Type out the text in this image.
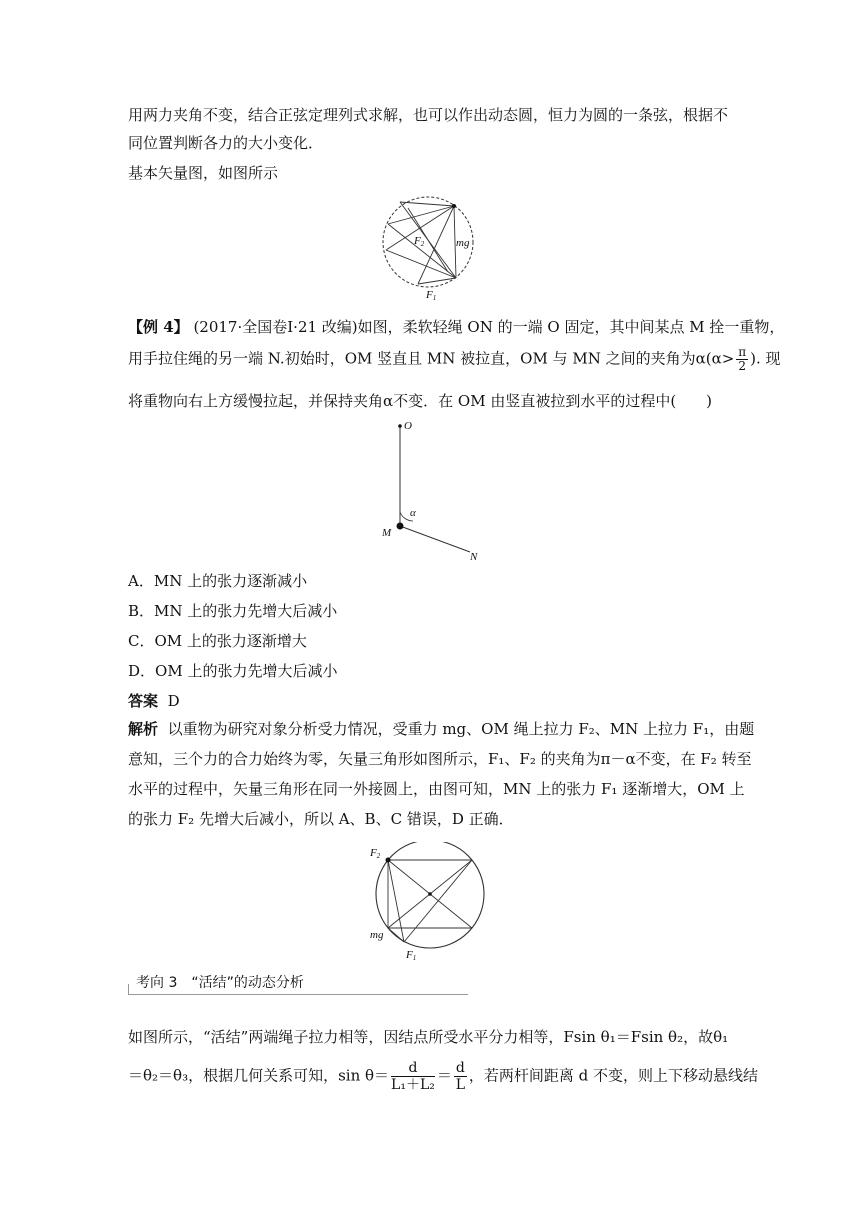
用两力夹角不变，结合正弦定理列式求解，也可以作出动态圆，恒力为圆的一条弦，根据不
同位置判断各力的大小变化．
基本矢量图，如图所示
F2	mg
F1
【例 4】 (2017·全国卷Ⅰ·21 改编)如图，柔软轻绳 ON 的一端 O 固定，其中间某点 M 拴一重物，
用手拉住绳的另一端 N.初始时，OM 竖直且 MN 被拉直，OM 与 MN 之间的夹角为$\alpha(\alpha> \frac{\pi}{2}$ ). 现
将重物向右上方缓慢拉起，并保持夹角α不变．在 OM 由竖直被拉到水平的过程中(　　)
O
α
M
N
A．MN 上的张力逐渐减小
B．MN 上的张力先增大后减小
C．OM 上的张力逐渐增大
D．OM 上的张力先增大后减小
答案 D
解析 以重物为研究对象分析受力情况，受重力 mg、OM 绳上拉力 F₂、MN 上拉力 F₁，由题
意知，三个力的合力始终为零，矢量三角形如图所示，F₁、F₂ 的夹角为π－α不变，在 F₂ 转至
水平的过程中，矢量三角形在同一外接圆上，由图可知，MN 上的张力 F₁ 逐渐增大，OM 上
的张力 F₂ 先增大后减小，所以 A、B、C 错误，D 正确．
F2
mg
F1
考向 3　“活结”的动态分析
如图所示，“活结”两端绳子拉力相等，因结点所受水平分力相等，Fsin θ₁＝Fsin θ₂，故θ₁
＝θ₂＝θ₃，根据几何关系可知，$\sin \theta= \frac{d}{\text{L₁＋L₂}} = \frac{d}{L}$ ，若两杆间距离 d 不变，则上下移动悬线结
